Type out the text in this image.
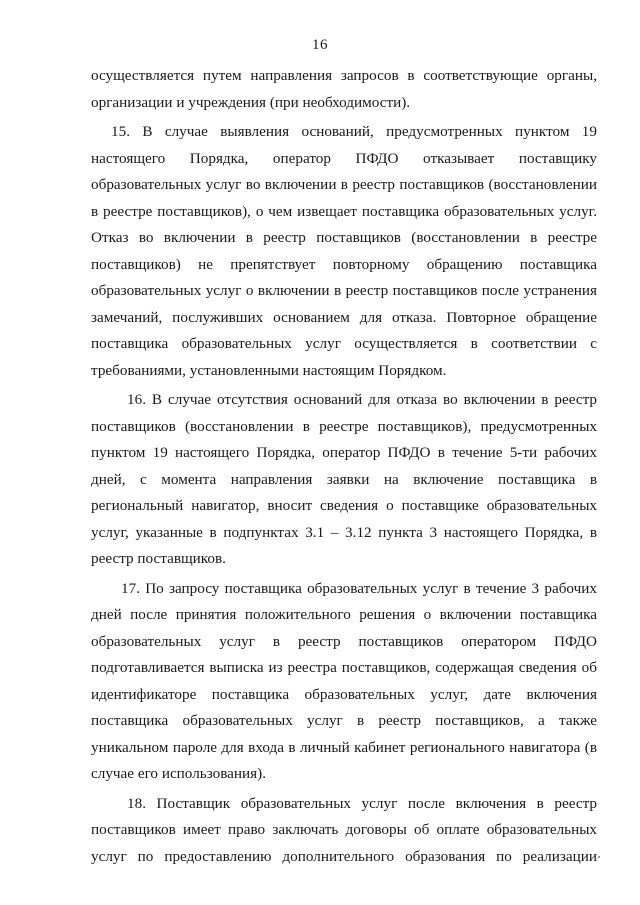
16
осуществляется путем направления запросов в соответствующие органы,
организации и учреждения (при необходимости).
15. В случае выявления оснований, предусмотренных пунктом 19
настоящего Порядка, оператор ПФДО отказывает поставщику
образовательных услуг во включении в реестр поставщиков (восстановлении
в реестре поставщиков), о чем извещает поставщика образовательных услуг.
Отказ во включении в реестр поставщиков (восстановлении в реестре
поставщиков) не препятствует повторному обращению поставщика
образовательных услуг о включении в реестр поставщиков после устранения
замечаний, послуживших основанием для отказа. Повторное обращение
поставщика образовательных услуг осуществляется в соответствии с
требованиями, установленными настоящим Порядком.
16. В случае отсутствия оснований для отказа во включении в реестр
поставщиков (восстановлении в реестре поставщиков), предусмотренных
пунктом 19 настоящего Порядка, оператор ПФДО в течение 5-ти рабочих
дней, с момента направления заявки на включение поставщика в
региональный навигатор, вносит сведения о поставщике образовательных
услуг, указанные в подпунктах 3.1 – 3.12 пункта 3 настоящего Порядка, в
реестр поставщиков.
17. По запросу поставщика образовательных услуг в течение 3 рабочих
дней после принятия положительного решения о включении поставщика
образовательных услуг в реестр поставщиков оператором ПФДО
подготавливается выписка из реестра поставщиков, содержащая сведения об
идентификаторе поставщика образовательных услуг, дате включения
поставщика образовательных услуг в реестр поставщиков, а также
уникальном пароле для входа в личный кабинет регионального навигатора (в
случае его использования).
18. Поставщик образовательных услуг после включения в реестр
поставщиков имеет право заключать договоры об оплате образовательных
услуг по предоставлению дополнительного образования по реализации
